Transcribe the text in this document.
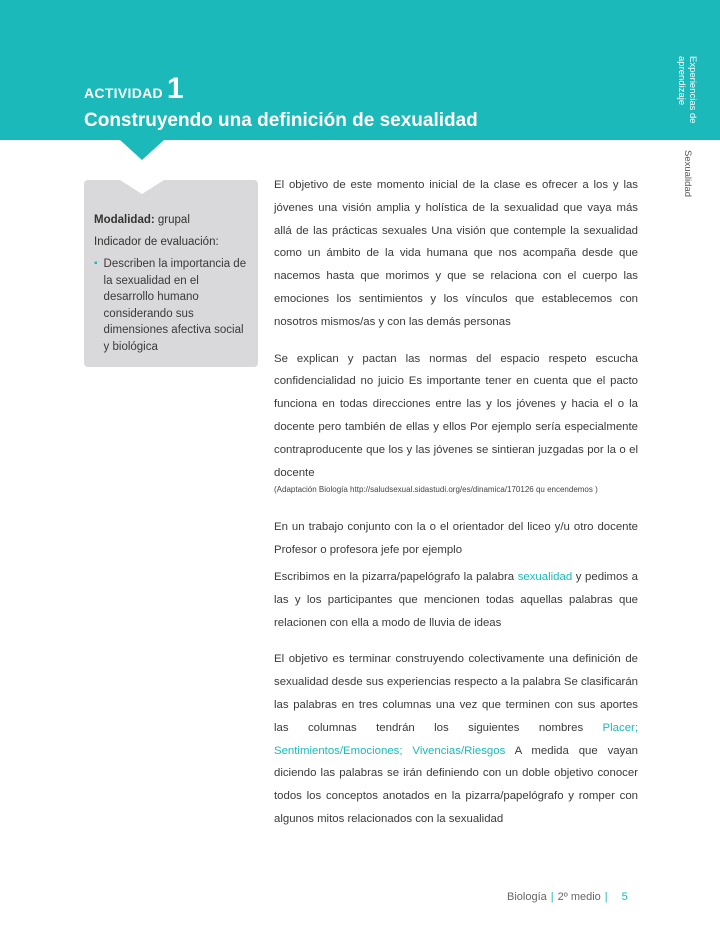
ACTIVIDAD 1
Construyendo una definición de sexualidad	Experiencias de aprendizaje
Sexualidad
Modalidad: grupal
Indicador de evaluación:
▪ Describen la importancia de la sexualidad en el desarrollo humano considerando sus dimensiones afectiva social y biológica
El objetivo de este momento inicial de la clase es ofrecer a los y las jóvenes una visión amplia y holística de la sexualidad que vaya más allá de las prácticas sexuales Una visión que contemple la sexualidad como un ámbito de la vida humana que nos acompaña desde que nacemos hasta que morimos y que se relaciona con el cuerpo las emociones los sentimientos y los vínculos que establecemos con nosotros mismos/as y con las demás personas
Se explican y pactan las normas del espacio respeto escucha confidencialidad no juicio Es importante tener en cuenta que el pacto funciona en todas direcciones entre las y los jóvenes y hacia el o la docente pero también de ellas y ellos Por ejemplo sería especialmente contraproducente que los y las jóvenes se sintieran juzgadas por la o el docente
(Adaptación Biología http://saludsexual.sidastudi.org/es/dinamica/170126 qu encendemos )
En un trabajo conjunto con la o el orientador del liceo y/u otro docente Profesor o profesora jefe por ejemplo
Escribimos en la pizarra/papelógrafo la palabra sexualidad y pedimos a las y los participantes que mencionen todas aquellas palabras que relacionen con ella a modo de lluvia de ideas
El objetivo es terminar construyendo colectivamente una definición de sexualidad desde sus experiencias respecto a la palabra Se clasificarán las palabras en tres columnas una vez que terminen con sus aportes las columnas tendrán los siguientes nombres Placer; Sentimientos/Emociones; Vivencias/Riesgos A medida que vayan diciendo las palabras se irán definiendo con un doble objetivo conocer todos los conceptos anotados en la pizarra/papelógrafo y romper con algunos mitos relacionados con la sexualidad
Biología | 2º medio | 5
